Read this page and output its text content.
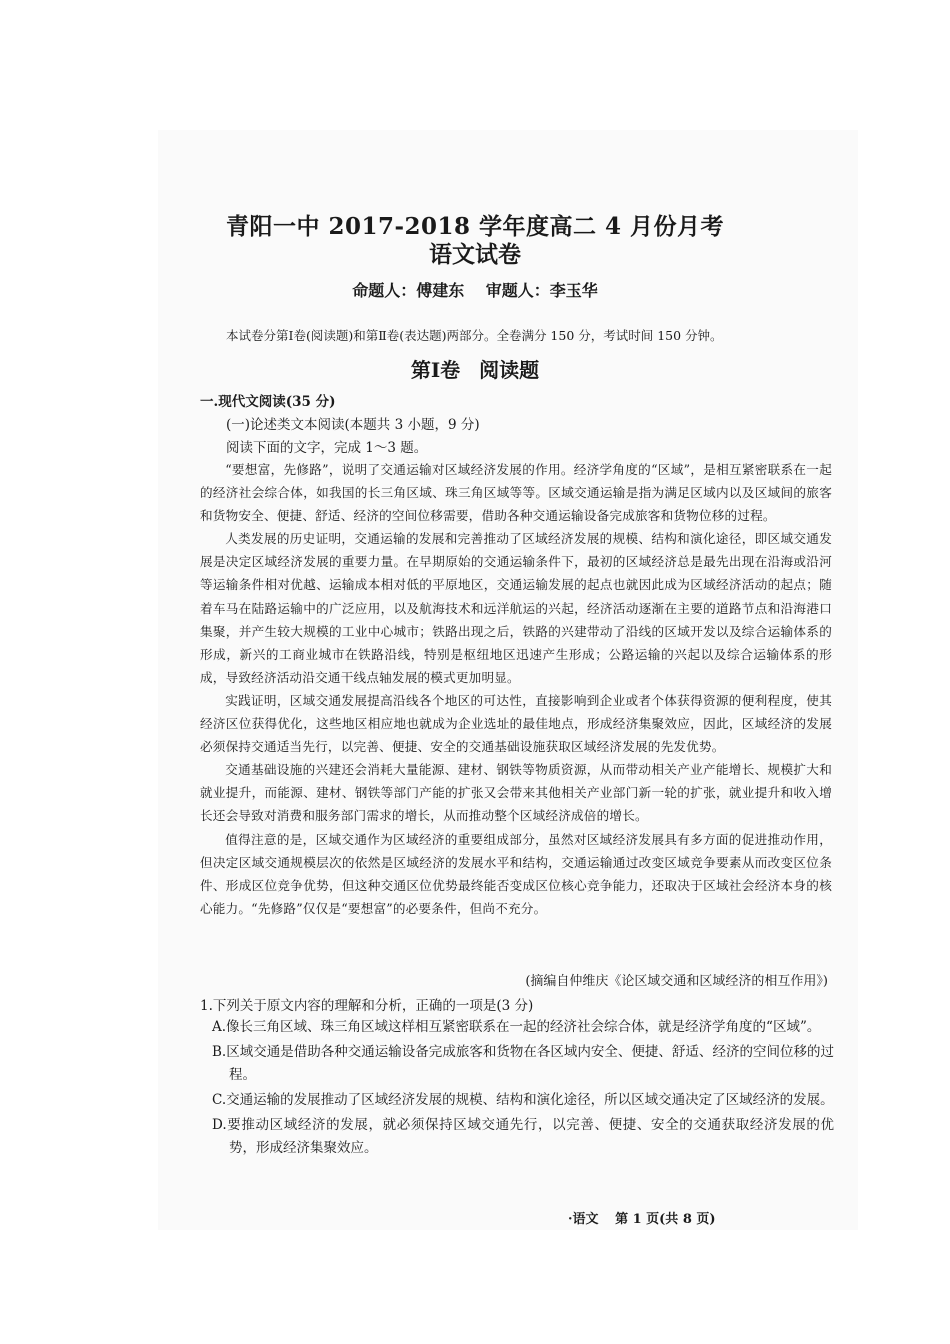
青阳一中 2017-2018 学年度高二 4 月份月考
语文试卷
命题人：傅建东 审题人：李玉华
本试卷分第Ⅰ卷(阅读题)和第Ⅱ卷(表达题)两部分。全卷满分 150 分，考试时间 150 分钟。
第Ⅰ卷 阅读题
一.现代文阅读(35 分)
(一)论述类文本阅读(本题共 3 小题，9 分)
阅读下面的文字，完成 1～3 题。

“要想富，先修路”，说明了交通运输对区域经济发展的作用。经济学角度的“区域”，是相互紧密联系在一起的经济社会综合体，如我国的长三角区域、珠三角区域等等。区域交通运输是指为满足区域内以及区域间的旅客和货物安全、便捷、舒适、经济的空间位移需要，借助各种交通运输设备完成旅客和货物位移的过程。

人类发展的历史证明，交通运输的发展和完善推动了区域经济发展的规模、结构和演化途径，即区域交通发展是决定区域经济发展的重要力量。在早期原始的交通运输条件下，最初的区域经济总是最先出现在沿海或沿河等运输条件相对优越、运输成本相对低的平原地区，交通运输发展的起点也就因此成为区域经济活动的起点；随着车马在陆路运输中的广泛应用，以及航海技术和远洋航运的兴起，经济活动逐渐在主要的道路节点和沿海港口集聚，并产生较大规模的工业中心城市；铁路出现之后，铁路的兴建带动了沿线的区域开发以及综合运输体系的形成，新兴的工商业城市在铁路沿线，特别是枢纽地区迅速产生形成；公路运输的兴起以及综合运输体系的形成，导致经济活动沿交通干线点轴发展的模式更加明显。

实践证明，区域交通发展提高沿线各个地区的可达性，直接影响到企业或者个体获得资源的便利程度，使其经济区位获得优化，这些地区相应地也就成为企业选址的最佳地点，形成经济集聚效应，因此，区域经济的发展必须保持交通适当先行，以完善、便捷、安全的交通基础设施获取区域经济发展的先发优势。

交通基础设施的兴建还会消耗大量能源、建材、钢铁等物质资源，从而带动相关产业产能增长、规模扩大和就业提升，而能源、建材、钢铁等部门产能的扩张又会带来其他相关产业部门新一轮的扩张，就业提升和收入增长还会导致对消费和服务部门需求的增长，从而推动整个区域经济成倍的增长。

值得注意的是，区域交通作为区域经济的重要组成部分，虽然对区域经济发展具有多方面的促进推动作用，但决定区域交通规模层次的依然是区域经济的发展水平和结构，交通运输通过改变区域竞争要素从而改变区位条件、形成区位竞争优势，但这种交通区位优势最终能否变成区位核心竞争能力，还取决于区域社会经济本身的核心能力。“先修路”仅仅是“要想富”的必要条件，但尚不充分。

(摘编自仲维庆《论区域交通和区域经济的相互作用》)
1.下列关于原文内容的理解和分析，正确的一项是(3 分)
A.像长三角区域、珠三角区域这样相互紧密联系在一起的经济社会综合体，就是经济学角度的“区域”。
B.区域交通是借助各种交通运输设备完成旅客和货物在各区域内安全、便捷、舒适、经济的空间位移的过程。
C.交通运输的发展推动了区域经济发展的规模、结构和演化途径，所以区域交通决定了区域经济的发展。
D.要推动区域经济的发展，就必须保持区域交通先行，以完善、便捷、安全的交通获取经济发展的优势，形成经济集聚效应。
·语文 第 1 页(共 8 页)
